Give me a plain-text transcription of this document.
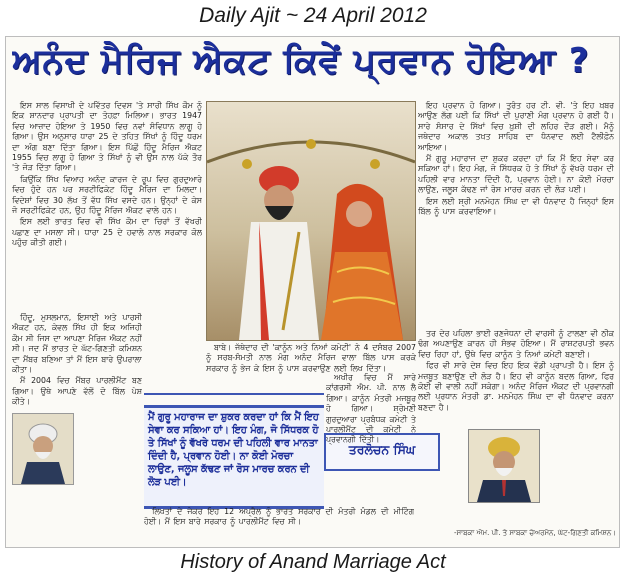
Daily Ajit ~ 24 April 2012
ਅਨੰਦ ਮੈਰਿਜ ਐਕਟ ਕਿਵੇਂ ਪ੍ਰਵਾਨ ਹੋਇਆ ?

ਇਸ ਸਾਲ ਵਿਸਾਖੀ ਦੇ ਪਵਿੱਤਰ ਦਿਵਸ 'ਤੇ ਸਾਰੀ ਸਿੱਖ ਕੌਮ ਨੂੰ ਇਕ ਸ਼ਾਨਦਾਰ ਪ੍ਰਾਪਤੀ ਦਾ ਤੋਹਫ਼ਾ ਮਿਲਿਆ। ਭਾਰਤ 1947 ਵਿਚ ਆਜ਼ਾਦ ਹੋਇਆ ਤੇ 1950 ਵਿਚ ਨਵਾਂ ਸੰਵਿਧਾਨ ਲਾਗੂ ਹੋ ਗਿਆ। ਉਸ ਅਨੁਸਾਰ ਧਾਰਾ 25 ਦੇ ਤਹਿਤ ਸਿੱਖਾਂ ਨੂੰ ਹਿੰਦੂ ਧਰਮ ਦਾ ਅੰਗ ਬਣਾ ਦਿੱਤਾ ਗਿਆ। ਇਸ ਪਿੱਛੋਂ ਹਿੰਦੂ ਮੈਰਿਜ ਐਕਟ 1955 ਵਿਚ ਲਾਗੂ ਹੋ ਗਿਆ ਤੇ ਸਿੱਖਾਂ ਨੂੰ ਵੀ ਉਸ ਨਾਲ ਪੱਕੇ ਤੌਰ 'ਤੇ ਜੋੜ ਦਿੱਤਾ ਗਿਆ।

ਕਿਉਂਕਿ ਸਿੱਖ ਵਿਆਹ ਅਨੰਦ ਕਾਰਜ ਦੇ ਰੂਪ ਵਿਚ ਗੁਰਦੁਆਰੇ ਵਿਚ ਹੁੰਦੇ ਹਨ ਪਰ ਸਰਟੀਫਿਕੇਟ ਹਿੰਦੂ ਮੈਰਿਜ ਦਾ ਮਿਲਦਾ। ਵਿਦੇਸ਼ਾਂ ਵਿਚ 30 ਲੱਖ ਤੋਂ ਵੱਧ ਸਿੱਖ ਵਸਦੇ ਹਨ। ਉਨ੍ਹਾਂ ਦੇ ਕੇਸ ਜੋ ਸਰਟੀਫਿਕੇਟ ਹਨ, ਉਹ ਹਿੰਦੂ ਮੈਰਿਜ ਐਕਟ ਵਾਲੇ ਹਨ।

ਇਸ ਲਈ ਭਾਰਤ ਵਿਚ ਵੀ ਸਿੱਖ ਕੌਮ ਦਾ ਚਿਰਾਂ ਤੋਂ ਵੱਖਰੀ ਪਛਾਣ ਦਾ ਮਸਲਾ ਸੀ। ਧਾਰਾ 25 ਦੇ ਹਵਾਲੇ ਨਾਲ ਸਰਕਾਰ ਕੋਲ ਪਹੁੰਚ ਕੀਤੀ ਗਈ।

ਬਾਬੇ। ਜੱਥੇਦਾਰ ਦੀ 'ਕਾਨੂੰਨ ਅਤੇ ਨਿਆਂ ਕਮੇਟੀ' ਨੇ 4 ਦਸੰਬਰ 2007 ਨੂੰ ਸਰਬ-ਸੰਮਤੀ ਨਾਲ ਮੰਗ ਅਨੰਦ ਮੈਰਿਜ ਵਾਲਾ ਬਿੱਲ ਪਾਸ ਕਰਕੇ ਸਰਕਾਰ ਨੂੰ ਭੇਜ ਕੇ ਇਸ ਨੂੰ ਪਾਸ ਕਰਵਾਉਣ ਲਈ ਲਿਖ ਦਿੱਤਾ।

ਹਿੰਦੂ, ਮੁਸਲਮਾਨ, ਇਸਾਈ ਅਤੇ ਪਾਰਸੀ ਐਕਟ ਹਨ, ਕੇਵਲ ਸਿੱਖ ਹੀ ਇਕ ਅਜਿਹੀ ਕੌਮ ਸੀ ਜਿਸ ਦਾ ਆਪਣਾ ਮੈਰਿਜ ਐਕਟ ਨਹੀਂ ਸੀ। ਜਦ ਮੈਂ ਭਾਰਤ ਦੇ ਘੱਟ-ਗਿਣਤੀ ਕਮਿਸ਼ਨ ਦਾ ਮੈਂਬਰ ਬਣਿਆ ਤਾਂ ਮੈਂ ਇਸ ਬਾਰੇ ਉਪਰਾਲਾ ਕੀਤਾ।

ਮੈਂ 2004 ਵਿਚ ਮੈਂਬਰ ਪਾਰਲੀਮੈਂਟ ਬਣ ਗਿਆ। ਉਥੇ ਆਪਣੇ ਵੱਲੋਂ ਦੋ ਬਿੱਲ ਪੇਸ਼ ਕੀਤੇ।

ਮੈਂ ਗੁਰੂ ਮਹਾਰਾਜ ਦਾ ਸ਼ੁਕਰ ਕਰਦਾ ਹਾਂ ਕਿ ਮੈਂ ਇਹ ਸੇਵਾ ਕਰ ਸਕਿਆ ਹਾਂ। ਇਹ ਮੰਗ, ਜੋ ਸਿੱਧਰਕ ਹੋ ਤੇ ਸਿੱਖਾਂ ਨੂੰ ਵੱਖਰੇ ਧਰਮ ਦੀ ਪਹਿਲੀ ਵਾਰ ਮਾਨਤਾ ਦਿੰਦੀ ਹੈ, ਪ੍ਰਵਾਨ ਹੋਈ। ਨਾ ਕੋਈ ਮੋਰਚਾ ਲਾਉਣ, ਜਲੂਸ ਕੱਢਣ ਜਾਂ ਰੋਸ ਮਾਰਚ ਕਰਨ ਦੀ ਲੋੜ ਪਈ।
ਤਰਲੋਚਨ ਸਿੰਘ

ਅਖੀਰ ਵਿਚ ਮੈਂ ਸਾਰੇ ਕਾਂਗਰਸੀ ਐਮ. ਪੀ. ਨਾਲ ਲੈ ਗਿਆ। ਕਾਨੂੰਨ ਮੰਤਰੀ ਮਜਬੂਰ ਹੋ ਗਿਆ। ਸ਼੍ਰੋਮਣੀ ਗੁਰਦੁਆਰਾ ਪ੍ਰਬੰਧਕ ਕਮੇਟੀ ਤੇ ਪਾਰਲੀਮੈਂਟ ਦੀ ਕਮੇਟੀ ਨੇ ਪ੍ਰਵਾਨਗੀ ਦਿੱਤੀ।

ਲਿਖਤਾਂ ਦੇ ਜੇਕਰ ਇਹ 12 ਅਪ੍ਰੈਲ ਨੂੰ ਭਾਰਤ ਸਰਕਾਰ ਦੀ ਮੰਤਰੀ ਮੰਡਲ ਦੀ ਮੀਟਿੰਗ ਹੋਈ। ਮੈਂ ਇਸ ਬਾਰੇ ਸਰਕਾਰ ਨੂੰ ਪਾਰਲੀਮੈਂਟ ਵਿਚ ਸੀ।

ਇਹ ਪ੍ਰਵਾਨ ਹੋ ਗਿਆ। ਤੁਰੰਤ ਹਰ ਟੀ. ਵੀ. 'ਤੇ ਇਹ ਖ਼ਬਰ ਆਉਣ ਲੱਗ ਪਈ ਕਿ ਸਿੱਖਾਂ ਦੀ ਪੁਰਾਣੀ ਮੰਗ ਪ੍ਰਵਾਨ ਹੋ ਗਈ ਹੈ। ਸਾਰੇ ਸੰਸਾਰ ਦੇ ਸਿੱਖਾਂ ਵਿਚ ਖ਼ੁਸ਼ੀ ਦੀ ਲਹਿਰ ਦੌੜ ਗਈ। ਮੈਨੂੰ ਜਥੇਦਾਰ ਅਕਾਲ ਤਖ਼ਤ ਸਾਹਿਬ ਦਾ ਧੰਨਵਾਦ ਲਈ ਟੈਲੀਫ਼ੋਨ ਆਇਆ।

ਮੈਂ ਗੁਰੂ ਮਹਾਰਾਜ ਦਾ ਸ਼ੁਕਰ ਕਰਦਾ ਹਾਂ ਕਿ ਮੈਂ ਇਹ ਸੇਵਾ ਕਰ ਸਕਿਆ ਹਾਂ। ਇਹ ਮੰਗ, ਜੋ ਸਿੱਧਰਕ ਹੋ ਤੇ ਸਿੱਖਾਂ ਨੂੰ ਵੱਖਰੇ ਧਰਮ ਦੀ ਪਹਿਲੀ ਵਾਰ ਮਾਨਤਾ ਦਿੰਦੀ ਹੈ, ਪ੍ਰਵਾਨ ਹੋਈ। ਨਾ ਕੋਈ ਮੋਰਚਾ ਲਾਉਣ, ਜਲੂਸ ਕੱਢਣ ਜਾਂ ਰੋਸ ਮਾਰਚ ਕਰਨ ਦੀ ਲੋੜ ਪਈ।

ਇਸ ਲਈ ਸ਼੍ਰੀ ਮਨਮੋਹਨ ਸਿੰਘ ਦਾ ਵੀ ਧੰਨਵਾਦ ਹੈ ਜਿਨ੍ਹਾਂ ਇਸ ਬਿੱਲ ਨੂੰ ਪਾਸ ਕਰਵਾਇਆ।

ਤਰ ਦੇਰ ਪਹਿਲਾ ਭਾਈ ਰਣਜੋਧਨਾ ਦੀ ਵਾਰਸੀ ਨੂੰ ਟਾਲਣਾ ਵੀ ਠੀਕ ਢੰਗ ਅਪਣਾਉਣ ਕਾਰਨ ਹੀ ਸੰਭਵ ਹੋਇਆ। ਮੈਂ ਰਾਸ਼ਟਰਪਤੀ ਭਵਨ ਵਿਚ ਰਿਹਾ ਹਾਂ, ਉਥੇ ਵਿਚ ਕਾਨੂੰਨ ਤੇ ਨਿਆਂ ਕਮੇਟੀ ਬਣਾਈ।

ਫਿਰ ਵੀ ਸਾਰੇ ਦੇਸ਼ ਵਿਚ ਇਹ ਇਕ ਵੱਡੀ ਪ੍ਰਾਪਤੀ ਹੈ। ਇਸ ਨੂੰ ਮਜ਼ਬੂਤ ਬਣਾਉਣ ਦੀ ਲੋੜ ਹੈ। ਇਹ ਵੀ ਕਾਨੂੰਨ ਬਦਲ ਗਿਆ, ਫਿਰ ਕੋਈ ਵੀ ਵਾਲੀ ਨਹੀਂ ਸਕੇਗਾ। ਅਨੰਦ ਮੈਰਿਜ ਐਕਟ ਦੀ ਪ੍ਰਵਾਨਗੀ ਲਈ ਪ੍ਰਧਾਨ ਮੰਤਰੀ ਡਾ. ਮਨਮੋਹਨ ਸਿੰਘ ਦਾ ਵੀ ਧੰਨਵਾਦ ਕਰਨਾ ਬਣਦਾ ਹੈ।

-ਸਾਬਕਾ ਐਮ. ਪੀ. ਤੇ ਸਾਬਕਾ ਚੇਅਰਮੈਨ, ਘੱਟ-ਗਿਣਤੀ ਕਮਿਸ਼ਨ।
History of Anand Marriage Act
